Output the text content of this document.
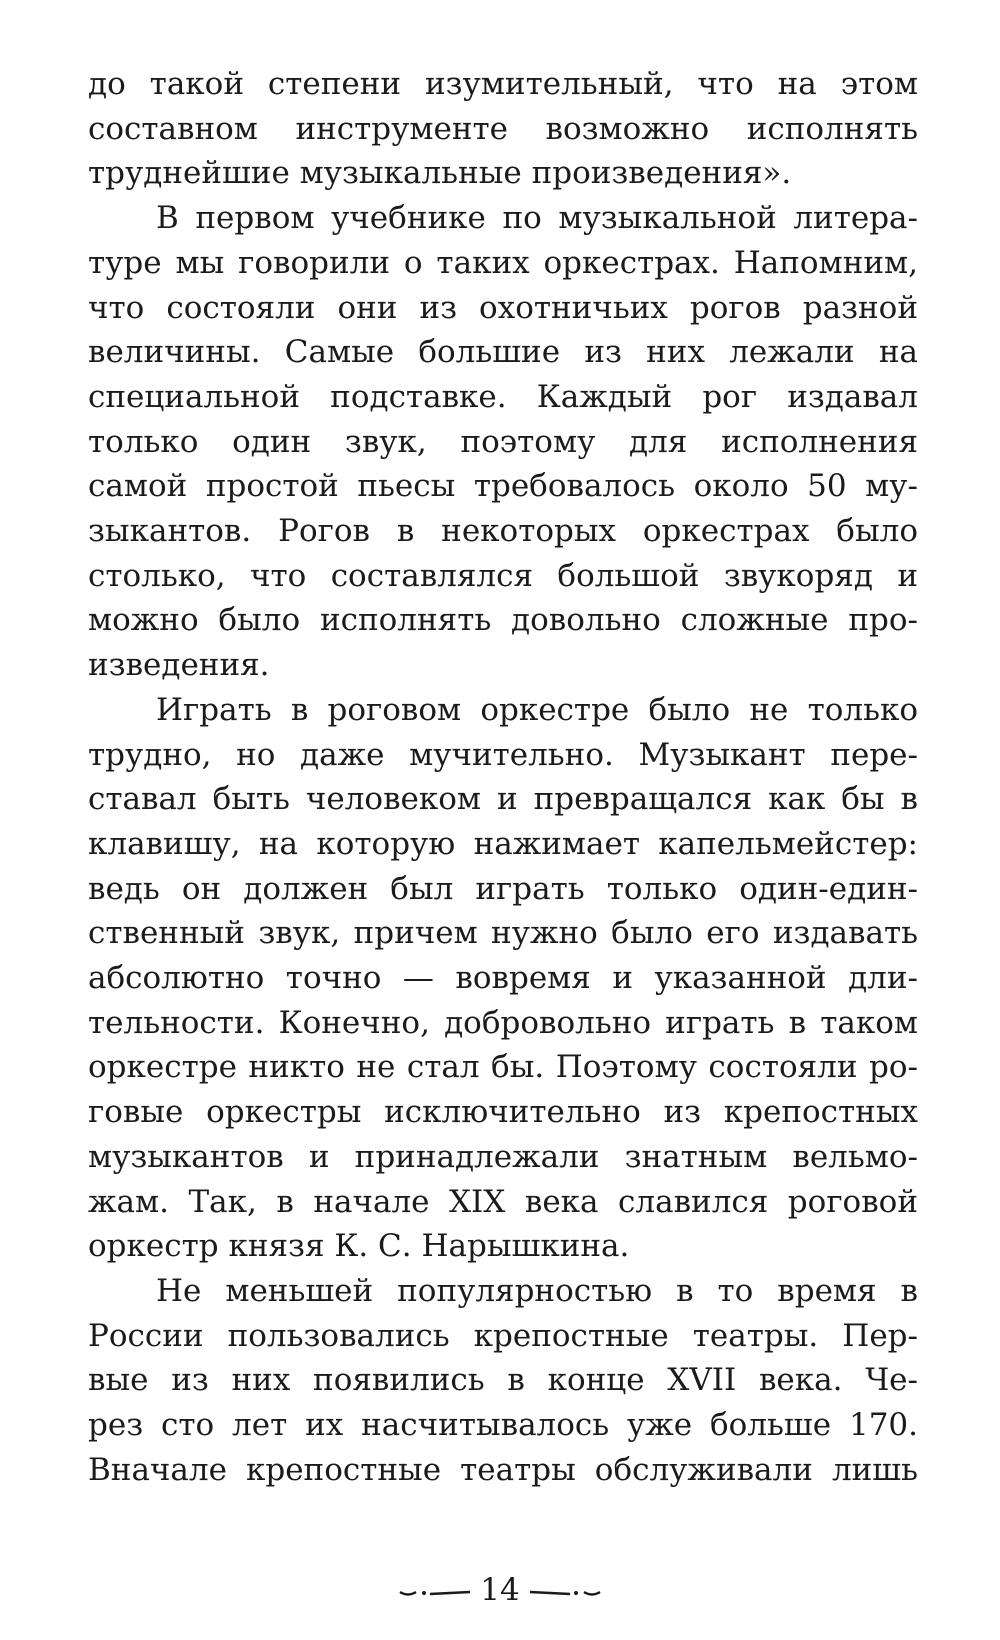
до такой степени изумительный, что на этом
составном инструменте возможно исполнять
труднейшие музыкальные произведения».
В первом учебнике по музыкальной литера-
туре мы говорили о таких оркестрах. Напомним,
что состояли они из охотничьих рогов разной
величины. Самые большие из них лежали на
специальной подставке. Каждый рог издавал
только один звук, поэтому для исполнения
самой простой пьесы требовалось около 50 му-
зыкантов. Рогов в некоторых оркестрах было
столько, что составлялся большой звукоряд и
можно было исполнять довольно сложные про-
изведения.
Играть в роговом оркестре было не только
трудно, но даже мучительно. Музыкант пере-
ставал быть человеком и превращался как бы в
клавишу, на которую нажимает капельмейстер:
ведь он должен был играть только один-един-
ственный звук, причем нужно было его издавать
абсолютно точно — вовремя и указанной дли-
тельности. Конечно, добровольно играть в таком
оркестре никто не стал бы. Поэтому состояли ро-
говые оркестры исключительно из крепостных
музыкантов и принадлежали знатным вельмо-
жам. Так, в начале XIX века славился роговой
оркестр князя К. С. Нарышкина.
Не меньшей популярностью в то время в
России пользовались крепостные театры. Пер-
вые из них появились в конце XVII века. Че-
рез сто лет их насчитывалось уже больше 170.
Вначале крепостные театры обслуживали лишь
14
